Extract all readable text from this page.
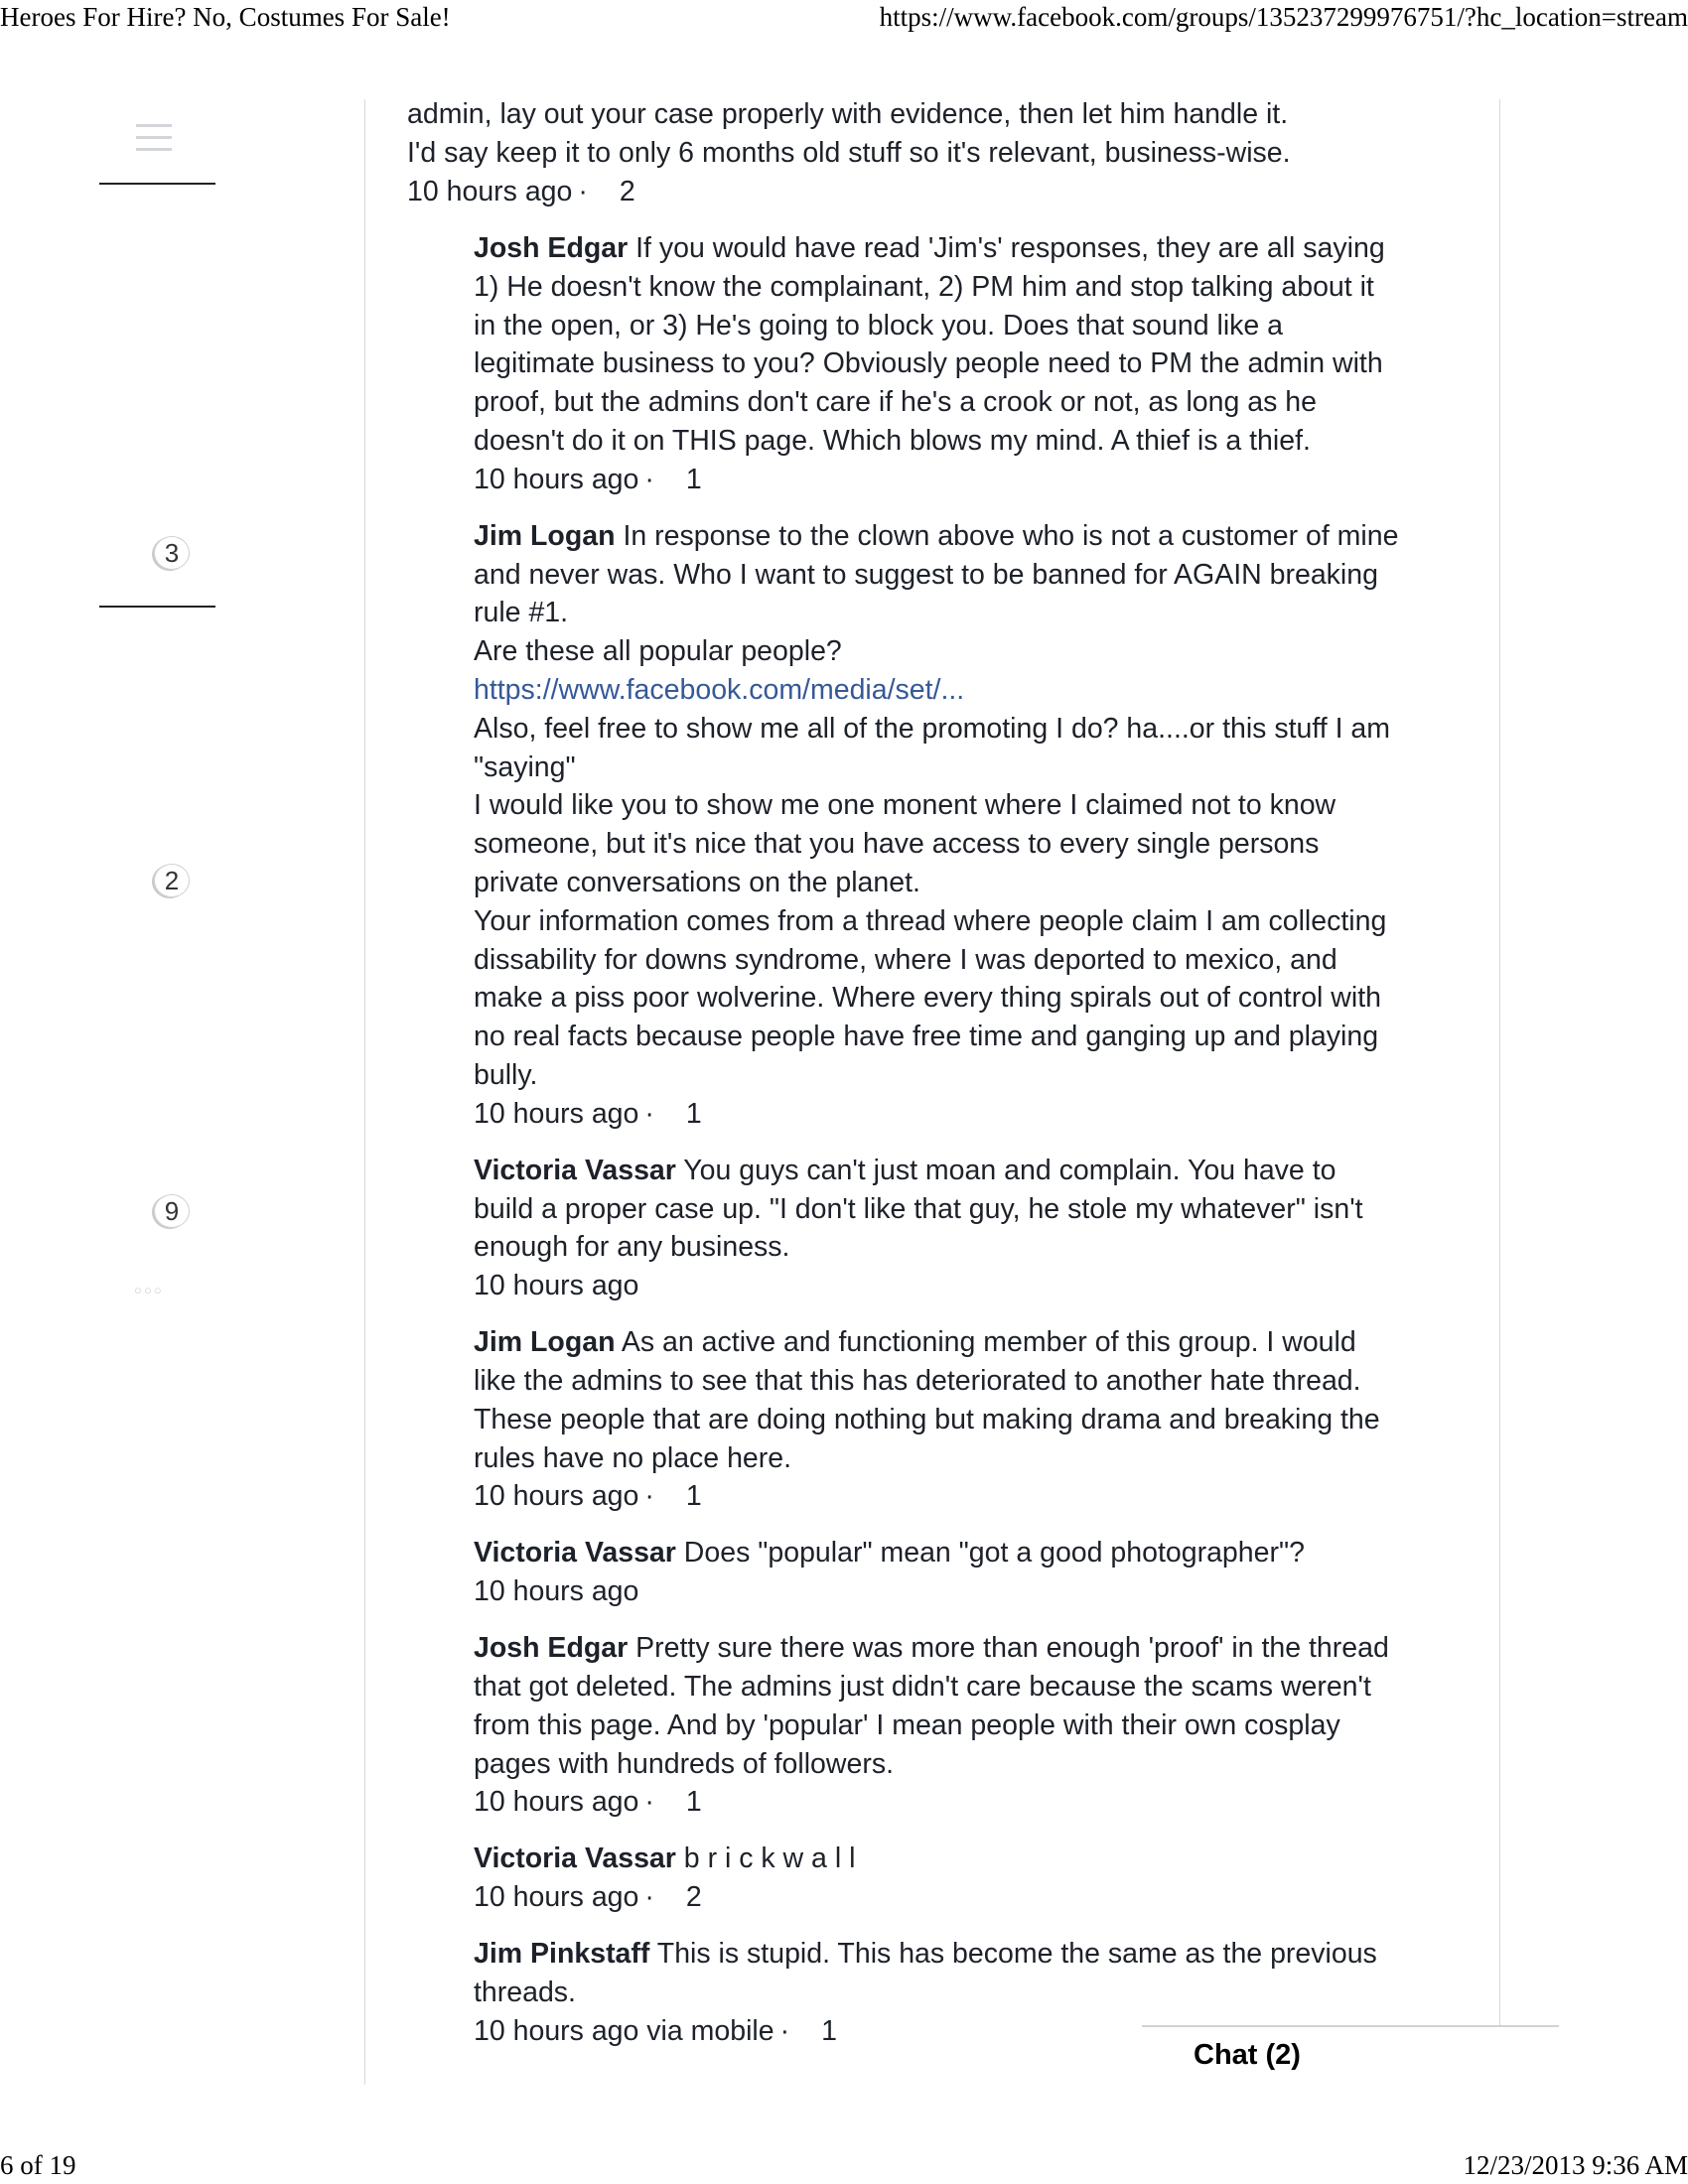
Heroes For Hire? No, Costumes For Sale!	https://www.facebook.com/groups/135237299976751/?hc_location=stream
3
2
9
○○○
admin, lay out your case properly with evidence, then let him handle it.
I'd say keep it to only 6 months old stuff so it's relevant, business-wise.
10 hours ago · 2
Josh Edgar If you would have read 'Jim's' responses, they are all saying 1) He doesn't know the complainant, 2) PM him and stop talking about it in the open, or 3) He's going to block you. Does that sound like a legitimate business to you? Obviously people need to PM the admin with proof, but the admins don't care if he's a crook or not, as long as he doesn't do it on THIS page. Which blows my mind. A thief is a thief.
10 hours ago · 1
Jim Logan In response to the clown above who is not a customer of mine and never was. Who I want to suggest to be banned for AGAIN breaking rule #1.
Are these all popular people?
https://www.facebook.com/media/set/...
Also, feel free to show me all of the promoting I do? ha....or this stuff I am "saying"
I would like you to show me one monent where I claimed not to know someone, but it's nice that you have access to every single persons private conversations on the planet.
Your information comes from a thread where people claim I am collecting dissability for downs syndrome, where I was deported to mexico, and make a piss poor wolverine. Where every thing spirals out of control with no real facts because people have free time and ganging up and playing bully.
10 hours ago · 1
Victoria Vassar You guys can't just moan and complain. You have to build a proper case up. "I don't like that guy, he stole my whatever" isn't enough for any business.
10 hours ago
Jim Logan As an active and functioning member of this group. I would like the admins to see that this has deteriorated to another hate thread. These people that are doing nothing but making drama and breaking the rules have no place here.
10 hours ago · 1
Victoria Vassar Does "popular" mean "got a good photographer"?
10 hours ago
Josh Edgar Pretty sure there was more than enough 'proof' in the thread that got deleted. The admins just didn't care because the scams weren't from this page. And by 'popular' I mean people with their own cosplay pages with hundreds of followers.
10 hours ago · 1
Victoria Vassar b r i c k w a l l
10 hours ago · 2
Jim Pinkstaff This is stupid. This has become the same as the previous threads.
10 hours ago via mobile · 1
Chat (2)
6 of 19	12/23/2013 9:36 AM
